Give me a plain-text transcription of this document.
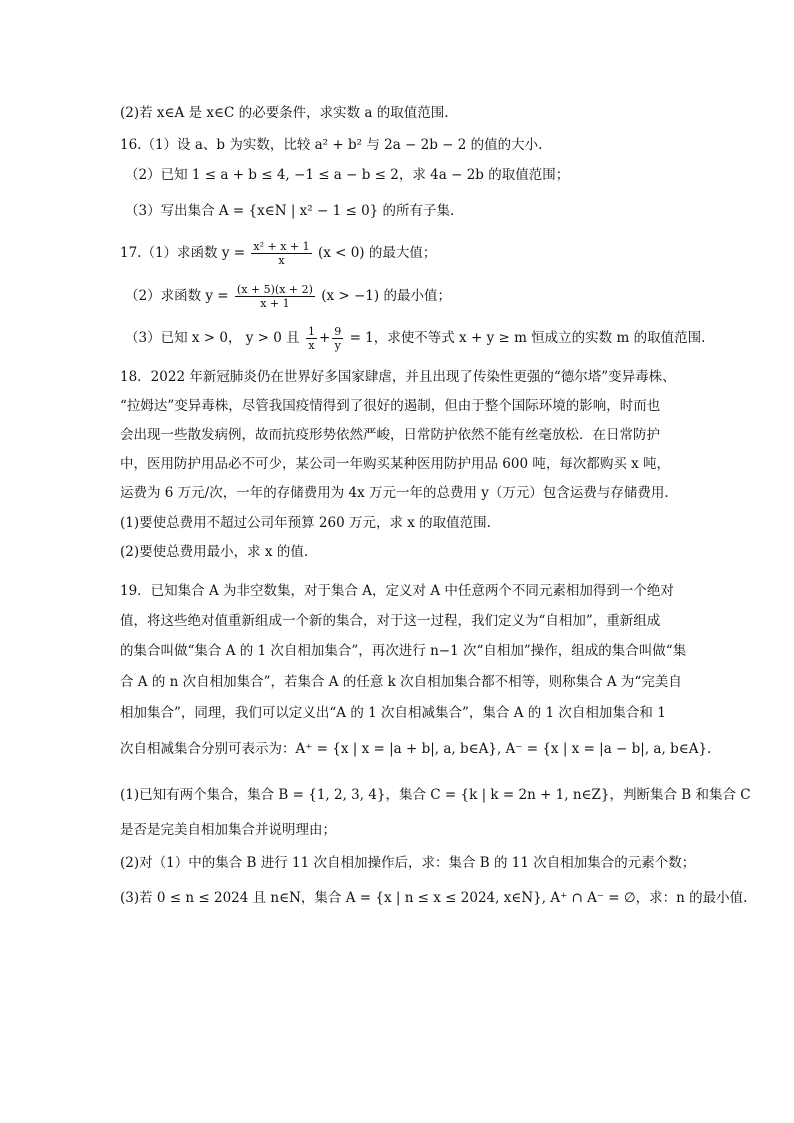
(2)若 x∈A 是 x∈C 的必要条件，求实数 a 的取值范围.
16.（1）设 a、b 为实数，比较 a² + b² 与 2a − 2b − 2 的值的大小.
（2）已知 1 ≤ a + b ≤ 4, −1 ≤ a − b ≤ 2，求 4a − 2b 的取值范围；
（3）写出集合 A = {x∈N | x² − 1 ≤ 0} 的所有子集.
17.（1）求函数 $y = \frac{\text{x² + x + 1}}{x} (x < 0)$ 的最大值；
（2）求函数 $y = \frac{(x + 5)(x + 2)}{x + 1} (x > -1)$ 的最小值；
（3）已知 x > 0， y > 0 且 $\frac{1}{x} + \frac{9}{y} = 1$，求使不等式 x + y ≥ m 恒成立的实数 m 的取值范围.
18．2022 年新冠肺炎仍在世界好多国家肆虐，并且出现了传染性更强的“德尔塔”变异毒株、
“拉姆达”变异毒株，尽管我国疫情得到了很好的遏制，但由于整个国际环境的影响，时而也
会出现一些散发病例，故而抗疫形势依然严峻，日常防护依然不能有丝毫放松．在日常防护
中，医用防护用品必不可少，某公司一年购买某种医用防护用品 600 吨，每次都购买 x 吨，
运费为 6 万元/次，一年的存储费用为 4x 万元一年的总费用 y（万元）包含运费与存储费用.
(1)要使总费用不超过公司年预算 260 万元，求 x 的取值范围.
(2)要使总费用最小，求 x 的值.
19．已知集合 A 为非空数集，对于集合 A，定义对 A 中任意两个不同元素相加得到一个绝对
值，将这些绝对值重新组成一个新的集合，对于这一过程，我们定义为“自相加”，重新组成
的集合叫做“集合 A 的 1 次自相加集合”，再次进行 n−1 次“自相加”操作，组成的集合叫做“集
合 A 的 n 次自相加集合”，若集合 A 的任意 k 次自相加集合都不相等，则称集合 A 为“完美自
相加集合”，同理，我们可以定义出“A 的 1 次自相减集合”，集合 A 的 1 次自相加集合和 1
次自相减集合分别可表示为：A⁺ = {x | x = |a + b|, a, b∈A}, A⁻ = {x | x = |a − b|, a, b∈A}.
(1)已知有两个集合，集合 B = {1, 2, 3, 4}，集合 C = {k | k = 2n + 1, n∈Z}，判断集合 B 和集合 C
是否是完美自相加集合并说明理由；
(2)对（1）中的集合 B 进行 11 次自相加操作后，求：集合 B 的 11 次自相加集合的元素个数；
(3)若 0 ≤ n ≤ 2024 且 n∈N，集合 A = {x | n ≤ x ≤ 2024, x∈N}, A⁺ ∩ A⁻ = ∅，求：n 的最小值.
